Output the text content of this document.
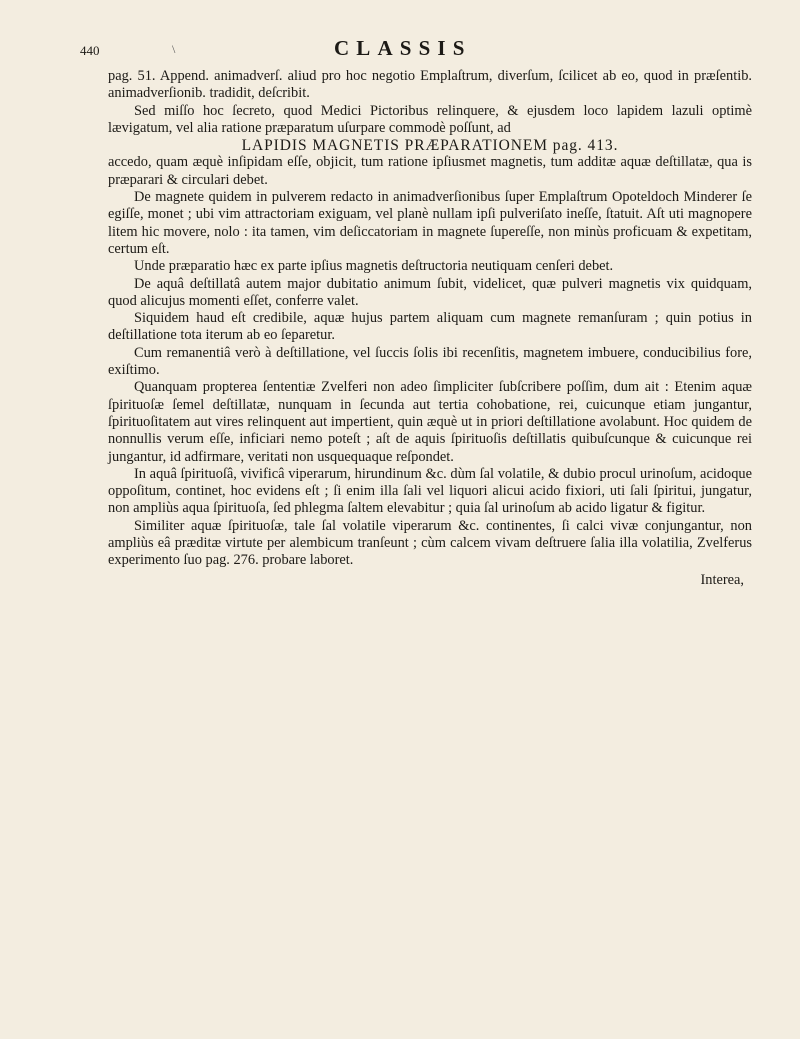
440	\	CLASSIS

pag. 51. Append. animadverſ. aliud pro hoc negotio Emplaſtrum, diverſum, ſcilicet ab eo, quod in præſentib. animadverſionib. tradidit, deſcribit.

Sed miſſo hoc ſecreto, quod Medici Pictoribus relinquere, & ejusdem loco lapidem lazuli optimè lævigatum, vel alia ratione præparatum uſurpare commodè poſſunt, ad

LAPIDIS MAGNETIS PRÆPARATIONEM pag. 413.

accedo, quam æquè inſipidam eſſe, objicit, tum ratione ipſiusmet magnetis, tum additæ aquæ deſtillatæ, qua is præparari & circulari debet.

De magnete quidem in pulverem redacto in animadverſionibus ſuper Emplaſtrum Opoteldoch Minderer ſe egiſſe, monet ; ubi vim attractoriam exiguam, vel planè nullam ipſi pulveriſato ineſſe, ſtatuit. Aſt uti magnopere litem hic movere, nolo : ita tamen, vim deſiccatoriam in magnete ſupereſſe, non minùs proficuam & expetitam, certum eſt.

Unde præparatio hæc ex parte ipſius magnetis deſtructoria neutiquam cenſeri debet.

De aquâ deſtillatâ autem major dubitatio animum ſubit, videlicet, quæ pulveri magnetis vix quidquam, quod alicujus momenti eſſet, conferre valet.

Siquidem haud eſt credibile, aquæ hujus partem aliquam cum magnete remanſuram ; quin potius in deſtillatione tota iterum ab eo ſeparetur.

Cum remanentiâ verò à deſtillatione, vel ſuccis ſolis ibi recenſitis, magnetem imbuere, conducibilius fore, exiſtimo.

Quanquam propterea ſententiæ Zvelferi non adeo ſimpliciter ſubſcribere poſſim, dum ait : Etenim aquæ ſpirituoſæ ſemel deſtillatæ, nunquam in ſecunda aut tertia cohobatione, rei, cuicunque etiam jungantur, ſpirituoſitatem aut vires relinquent aut impertient, quin æquè ut in priori deſtillatione avolabunt. Hoc quidem de nonnullis verum eſſe, inficiari nemo poteſt ; aſt de aquis ſpirituoſis deſtillatis quibuſcunque & cuicunque rei jungantur, id adfirmare, veritati non usquequaque reſpondet.

In aquâ ſpirituoſâ, vivificâ viperarum, hirundinum &c. dùm ſal volatile, & dubio procul urinoſum, acidoque oppoſitum, continet, hoc evidens eſt ; ſi enim illa ſali vel liquori alicui acido fixiori, uti ſali ſpiritui, jungatur, non ampliùs aqua ſpirituoſa, ſed phlegma ſaltem elevabitur ; quia ſal urinoſum ab acido ligatur & figitur.

Similiter aquæ ſpirituoſæ, tale ſal volatile viperarum &c. continentes, ſi calci vivæ conjungantur, non ampliùs eâ præditæ virtute per alembicum tranſeunt ; cùm calcem vivam deſtruere ſalia illa volatilia, Zvelferus experimento ſuo pag. 276. probare laboret.

Interea,
